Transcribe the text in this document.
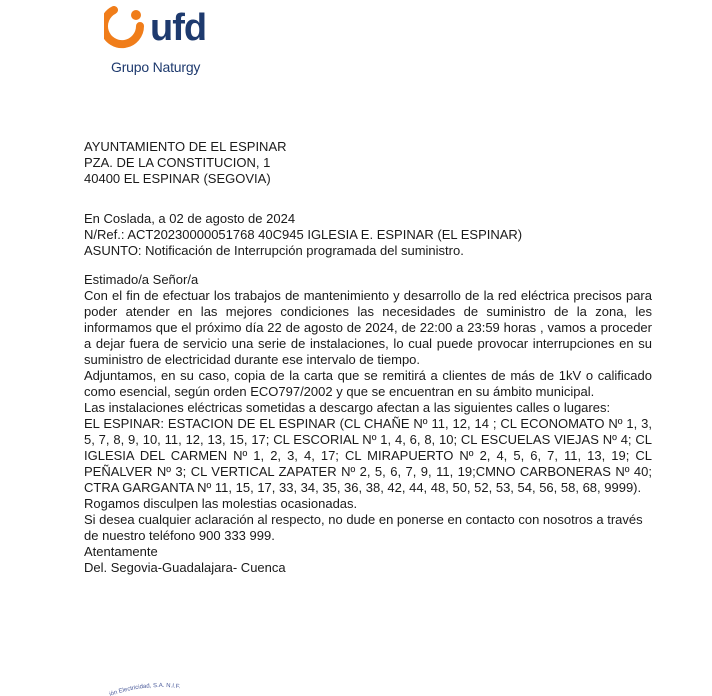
ufd
Grupo Naturgy

AYUNTAMIENTO DE EL ESPINAR

PZA. DE LA CONSTITUCION, 1

40400 EL ESPINAR (SEGOVIA)

En Coslada, a 02 de agosto de 2024

N/Ref.: ACT20230000051768 40C945 IGLESIA E. ESPINAR (EL ESPINAR)

ASUNTO: Notificación de Interrupción programada del suministro.

Estimado/a Señor/a

Con el fin de efectuar los trabajos de mantenimiento y desarrollo de la red eléctrica precisos para poder atender en las mejores condiciones las necesidades de suministro de la zona, les informamos que el próximo día 22 de agosto de 2024, de 22:00 a 23:59 horas , vamos a proceder a dejar fuera de servicio una serie de instalaciones, lo cual puede provocar interrupciones en su suministro de electricidad durante ese intervalo de tiempo.

Adjuntamos, en su caso, copia de la carta que se remitirá a clientes de más de 1kV o calificado como esencial, según orden ECO797/2002 y que se encuentran en su ámbito municipal.

Las instalaciones eléctricas sometidas a descargo afectan a las siguientes calles o lugares:

EL ESPINAR: ESTACION DE EL ESPINAR (CL CHAÑE Nº 11, 12, 14 ; CL ECONOMATO Nº 1, 3, 5, 7, 8, 9, 10, 11, 12, 13, 15, 17; CL ESCORIAL Nº 1, 4, 6, 8, 10; CL ESCUELAS VIEJAS Nº 4; CL IGLESIA DEL CARMEN Nº 1, 2, 3, 4, 17; CL MIRAPUERTO Nº 2, 4, 5, 6, 7, 11, 13, 19; CL PEÑALVER Nº 3; CL VERTICAL ZAPATER Nº 2, 5, 6, 7, 9, 11, 19;CMNO CARBONERAS Nº 40; CTRA GARGANTA Nº 11, 15, 17, 33, 34, 35, 36, 38, 42, 44, 48, 50, 52, 53, 54, 56, 58, 68, 9999).

Rogamos disculpen las molestias ocasionadas.

Si desea cualquier aclaración al respecto, no dude en ponerse en contacto con nosotros a través de nuestro teléfono 900 333 999.

Atentamente

Del. Segovia-Guadalajara- Cuenca

ión Electricidad, S.A. N.I.F.
